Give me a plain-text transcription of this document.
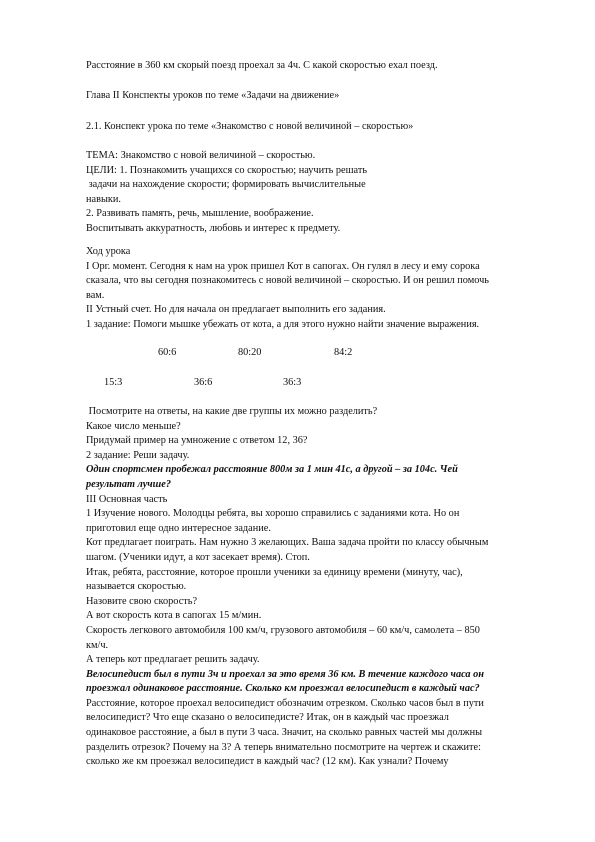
Расстояние в 360 км скорый поезд проехал за 4ч. С какой скоростью ехал поезд.
Глава II Конспекты уроков по теме «Задачи на движение»
2.1. Конспект урока по теме «Знакомство с новой величиной – скоростью»
ТЕМА: Знакомство с новой величиной – скоростью.
ЦЕЛИ: 1. Познакомить учащихся со скоростью; научить решать
задачи на нахождение скорости; формировать вычислительные
навыки.
2. Развивать память, речь, мышление, воображение.
Воспитывать аккуратность, любовь и интерес к предмету.
Ход урока
I Орг. момент. Сегодня к нам на урок пришел Кот в сапогах. Он гулял в лесу и ему сорока
сказала, что вы сегодня познакомитесь с новой величиной – скоростью. И он решил помочь
вам.
II Устный счет. Но для начала он предлагает выполнить его задания.
1 задание: Помоги мышке убежать от кота, а для этого нужно найти значение выражения.
60:6	80:20	84:2
15:3	36:6	36:3
Посмотрите на ответы, на какие две группы их можно разделить?
Какое число меньше?
Придумай пример на умножение с ответом 12, 36?
2 задание: Реши задачу.
Один спортсмен пробежал расстояние 800м за 1 мин 41с, а другой – за 104с. Чей
результат лучше?
III Основная часть
1 Изучение нового. Молодцы ребята, вы хорошо справились с заданиями кота. Но он
приготовил еще одно интересное задание.
Кот предлагает поиграть. Нам нужно 3 желающих. Ваша задача пройти по классу обычным
шагом. (Ученики идут, а кот засекает время). Стоп.
Итак, ребята, расстояние, которое прошли ученики за единицу времени (минуту, час),
называется скоростью.
Назовите свою скорость?
А вот скорость кота в сапогах 15 м/мин.
Скорость легкового автомобиля 100 км/ч, грузового автомобиля – 60 км/ч, самолета – 850
км/ч.
А теперь кот предлагает решить задачу.
Велосипедист был в пути 3ч и проехал за это время 36 км. В течение каждого часа он
проезжал одинаковое расстояние. Сколько км проезжал велосипедист в каждый час?
Расстояние, которое проехал велосипедист обозначим отрезком. Сколько часов был в пути
велосипедист? Что еще сказано о велосипедисте? Итак, он в каждый час проезжал
одинаковое расстояние, а был в пути 3 часа. Значит, на сколько равных частей мы должны
разделить отрезок? Почему на 3? А теперь внимательно посмотрите на чертеж и скажите:
сколько же км проезжал велосипедист в каждый час? (12 км). Как узнали? Почему
